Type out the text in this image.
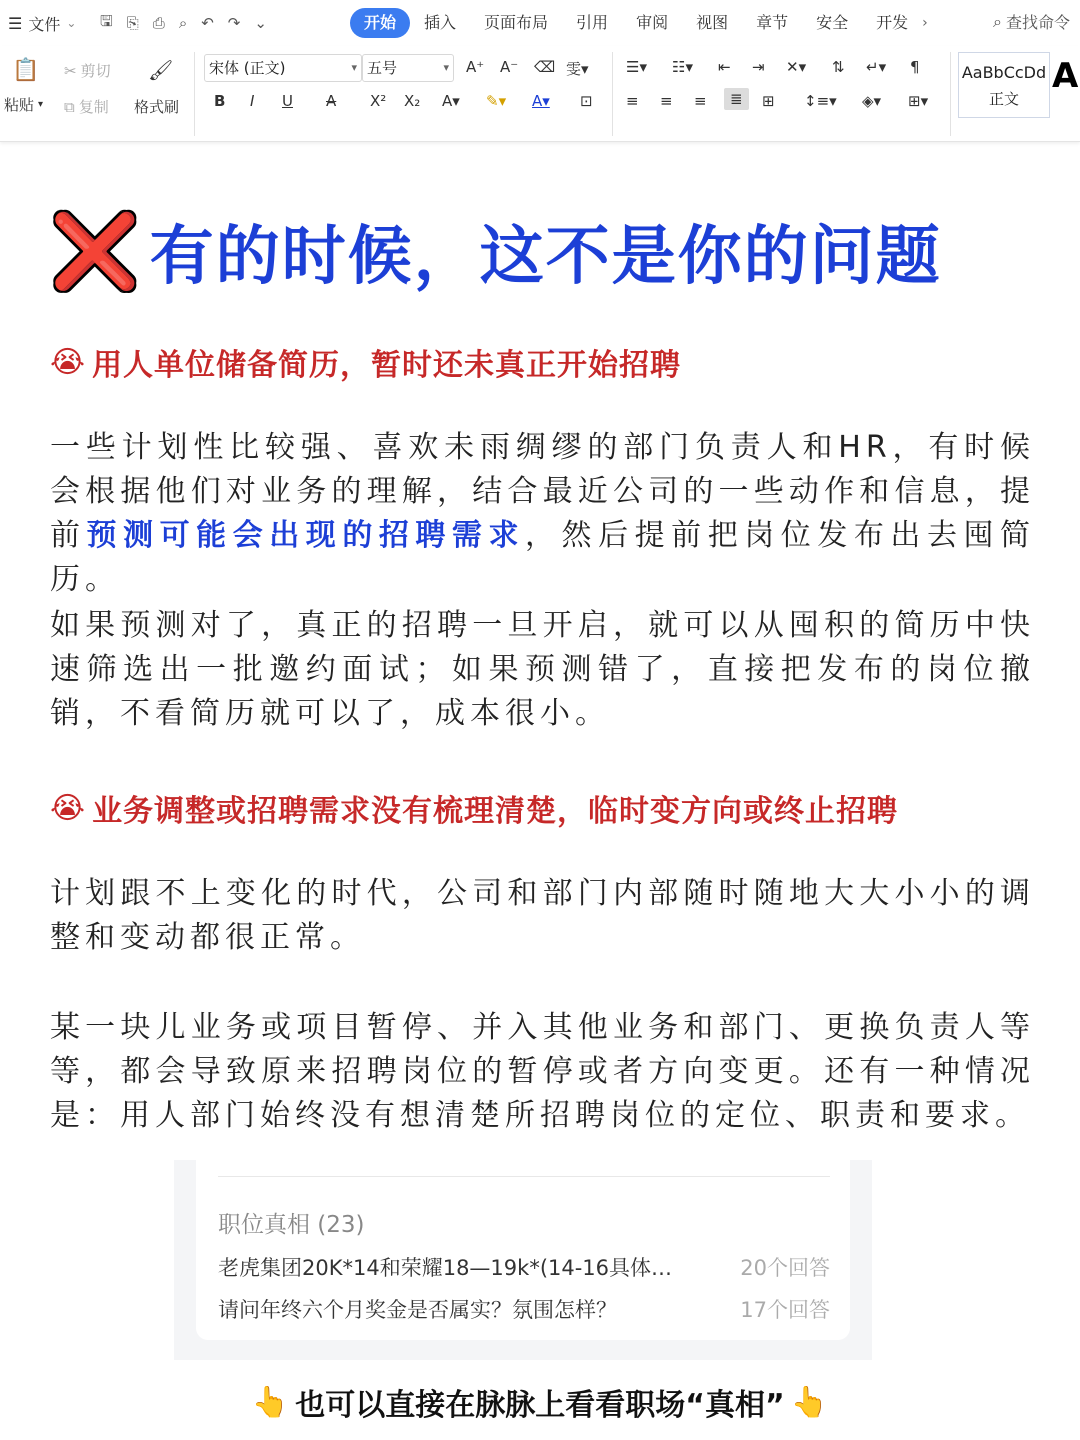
☰ 文件 ⌄ 🖫 ⎘ ⎙ ⌕ ↶ ↷ ⌄	开始	插入	页面布局	引用	审阅	视图	章节	安全	开发	›	⌕ 查找命令
📋
粘贴 ▾
✂ 剪切
⧉ 复制
🖌
格式刷
宋体 (正文)	▾ 五号	▾ A⁺ A⁻ ⌫ 雯▾
B I U A X² X₂ A▾ ✎▾ A▾ ⊡
☰▾ ☷▾ ⇤ ⇥ ✕▾ ⇅ ↵▾ ¶
≡ ≡ ≡	≣	⊞ ↕≡▾ ◈▾ ⊞▾
AaBbCcDd
正文
A
❌ 有的时候，这不是你的问题
😭 用人单位储备简历，暂时还未真正开始招聘

一些计划性比较强、喜欢未雨绸缪的部门负责人和HR，有时候会根据他们对业务的理解，结合最近公司的一些动作和信息，提前预测可能会出现的招聘需求，然后提前把岗位发布出去囤简历。

如果预测对了，真正的招聘一旦开启，就可以从囤积的简历中快速筛选出一批邀约面试；如果预测错了，直接把发布的岗位撤销，不看简历就可以了，成本很小。

😭 业务调整或招聘需求没有梳理清楚，临时变方向或终止招聘

计划跟不上变化的时代，公司和部门内部随时随地大大小小的调整和变动都很正常。

某一块儿业务或项目暂停、并入其他业务和部门、更换负责人等等，都会导致原来招聘岗位的暂停或者方向变更。还有一种情况是：用人部门始终没有想清楚所招聘岗位的定位、职责和要求。

职位真相 (23)
老虎集团20K*14和荣耀18—19k*(14-16具体…	20个回答
请问年终六个月奖金是否属实？氛围怎样？	17个回答
👆 也可以直接在脉脉上看看职场“真相” 👆
